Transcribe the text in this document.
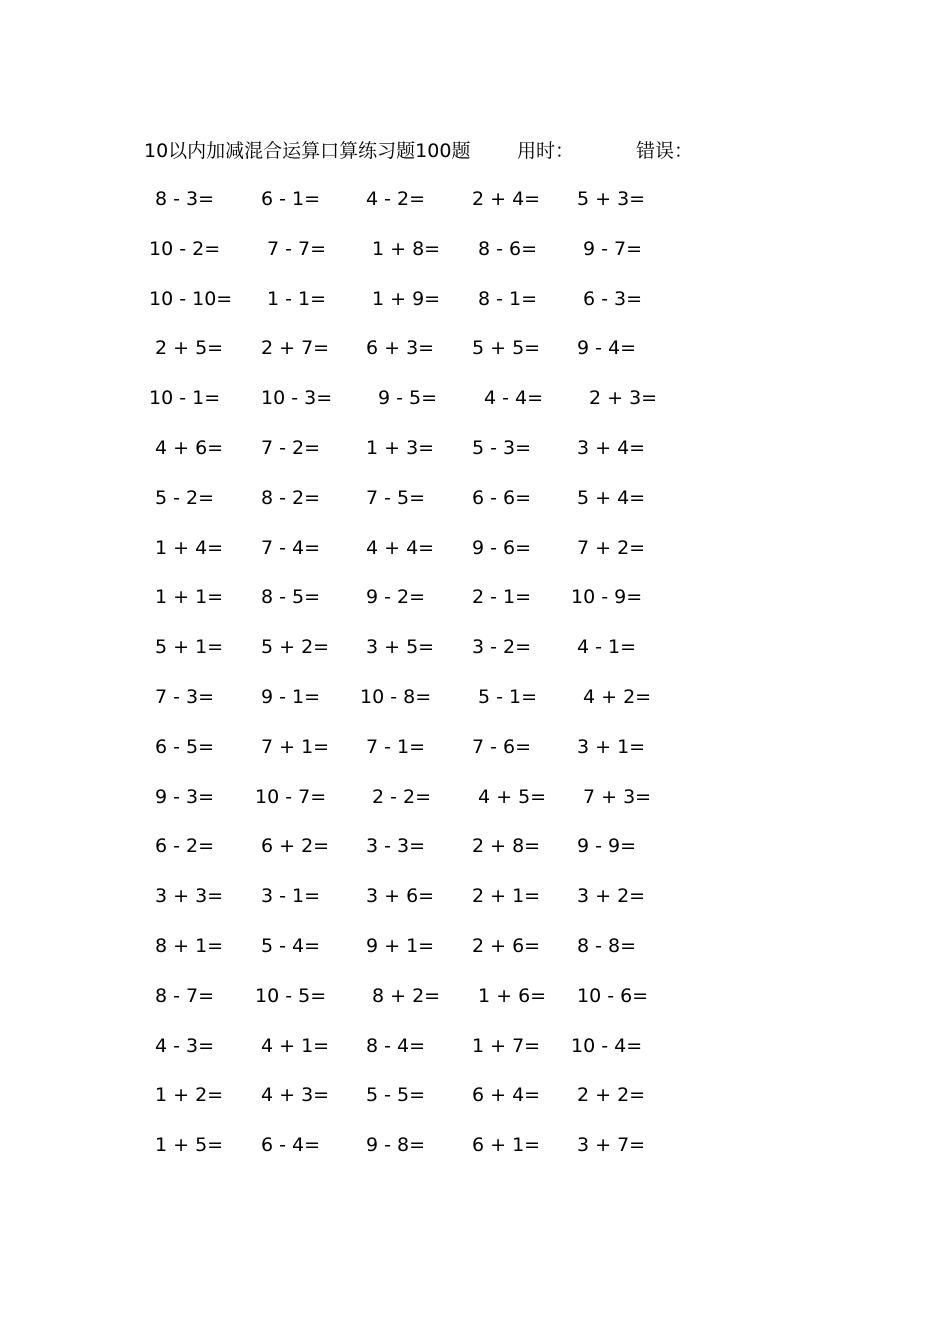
10以内加减混合运算口算练习题100题 用时：	错误：
8 - 3= 6 - 1= 4 - 2= 2 + 4= 5 + 3=
10 - 2= 7 - 7= 1 + 8= 8 - 6= 9 - 7=
10 - 10= 1 - 1= 1 + 9= 8 - 1= 6 - 3=
2 + 5= 2 + 7= 6 + 3= 5 + 5= 9 - 4=
10 - 1= 10 - 3= 9 - 5= 4 - 4= 2 + 3=
4 + 6= 7 - 2= 1 + 3= 5 - 3= 3 + 4=
5 - 2= 8 - 2= 7 - 5= 6 - 6= 5 + 4=
1 + 4= 7 - 4= 4 + 4= 9 - 6= 7 + 2=
1 + 1= 8 - 5= 9 - 2= 2 - 1= 10 - 9=
5 + 1= 5 + 2= 3 + 5= 3 - 2= 4 - 1=
7 - 3= 9 - 1= 10 - 8= 5 - 1= 4 + 2=
6 - 5= 7 + 1= 7 - 1= 7 - 6= 3 + 1=
9 - 3= 10 - 7= 2 - 2= 4 + 5= 7 + 3=
6 - 2= 6 + 2= 3 - 3= 2 + 8= 9 - 9=
3 + 3= 3 - 1= 3 + 6= 2 + 1= 3 + 2=
8 + 1= 5 - 4= 9 + 1= 2 + 6= 8 - 8=
8 - 7= 10 - 5= 8 + 2= 1 + 6= 10 - 6=
4 - 3= 4 + 1= 8 - 4= 1 + 7= 10 - 4=
1 + 2= 4 + 3= 5 - 5= 6 + 4= 2 + 2=
1 + 5= 6 - 4= 9 - 8= 6 + 1= 3 + 7=
